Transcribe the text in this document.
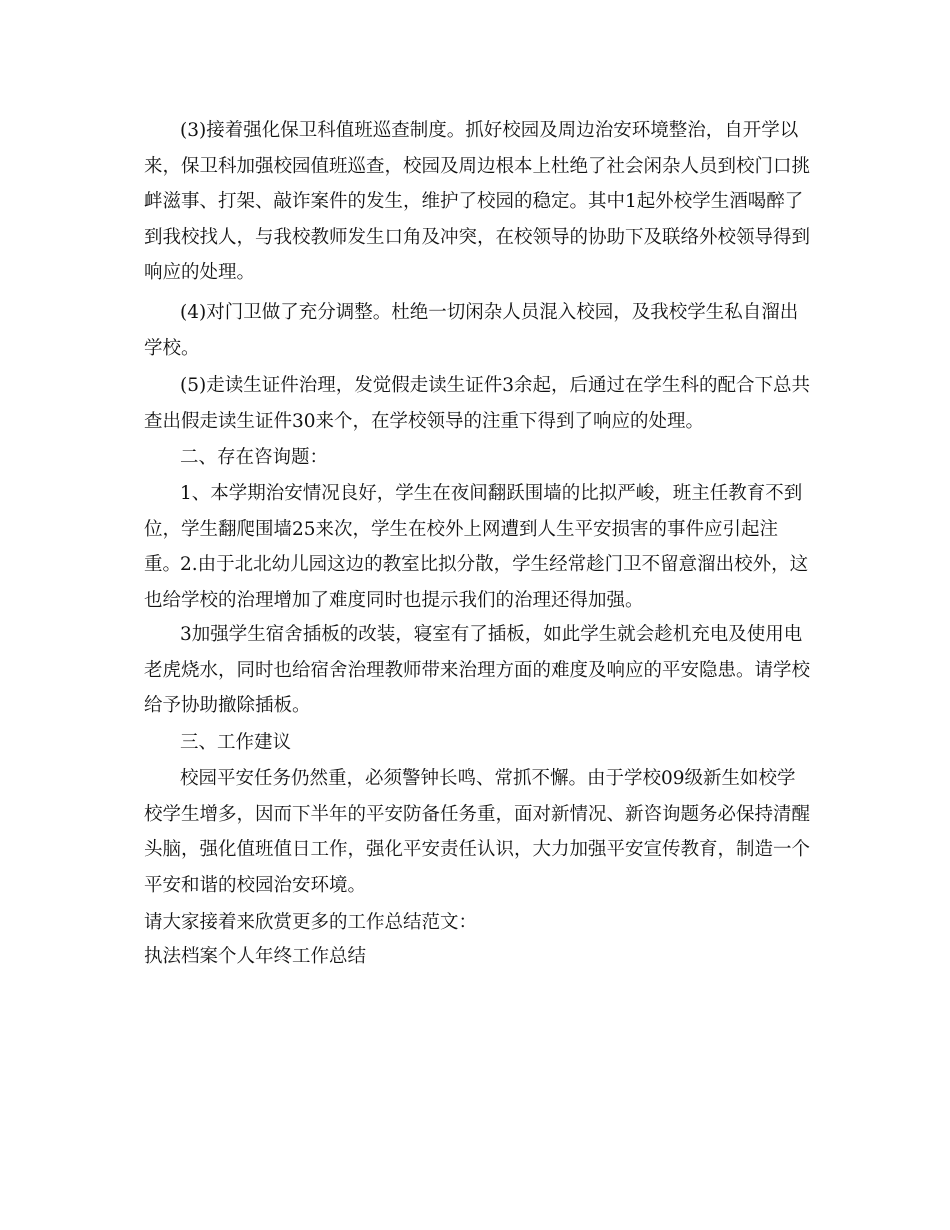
(3)接着强化保卫科值班巡查制度。抓好校园及周边治安环境整治，自开学以来，保卫科加强校园值班巡查，校园及周边根本上杜绝了社会闲杂人员到校门口挑衅滋事、打架、敲诈案件的发生，维护了校园的稳定。其中1起外校学生酒喝醉了到我校找人，与我校教师发生口角及冲突，在校领导的协助下及联络外校领导得到响应的处理。

(4)对门卫做了充分调整。杜绝一切闲杂人员混入校园，及我校学生私自溜出学校。

(5)走读生证件治理，发觉假走读生证件3余起，后通过在学生科的配合下总共查出假走读生证件30来个，在学校领导的注重下得到了响应的处理。

二、存在咨询题：

1、本学期治安情况良好，学生在夜间翻跃围墙的比拟严峻，班主任教育不到位，学生翻爬围墙25来次，学生在校外上网遭到人生平安损害的事件应引起注重。

2.由于北北幼儿园这边的教室比拟分散，学生经常趁门卫不留意溜出校外，这也给学校的治理增加了难度同时也提示我们的治理还得加强。

3加强学生宿舍插板的改装，寝室有了插板，如此学生就会趁机充电及使用电老虎烧水，同时也给宿舍治理教师带来治理方面的难度及响应的平安隐患。请学校给予协助撤除插板。

三、工作建议

校园平安任务仍然重，必须警钟长鸣、常抓不懈。由于学校09级新生如校学校学生增多，因而下半年的平安防备任务重，面对新情况、新咨询题务必保持清醒头脑，强化值班值日工作，强化平安责任认识，大力加强平安宣传教育，制造一个平安和谐的校园治安环境。

请大家接着来欣赏更多的工作总结范文：

执法档案个人年终工作总结
